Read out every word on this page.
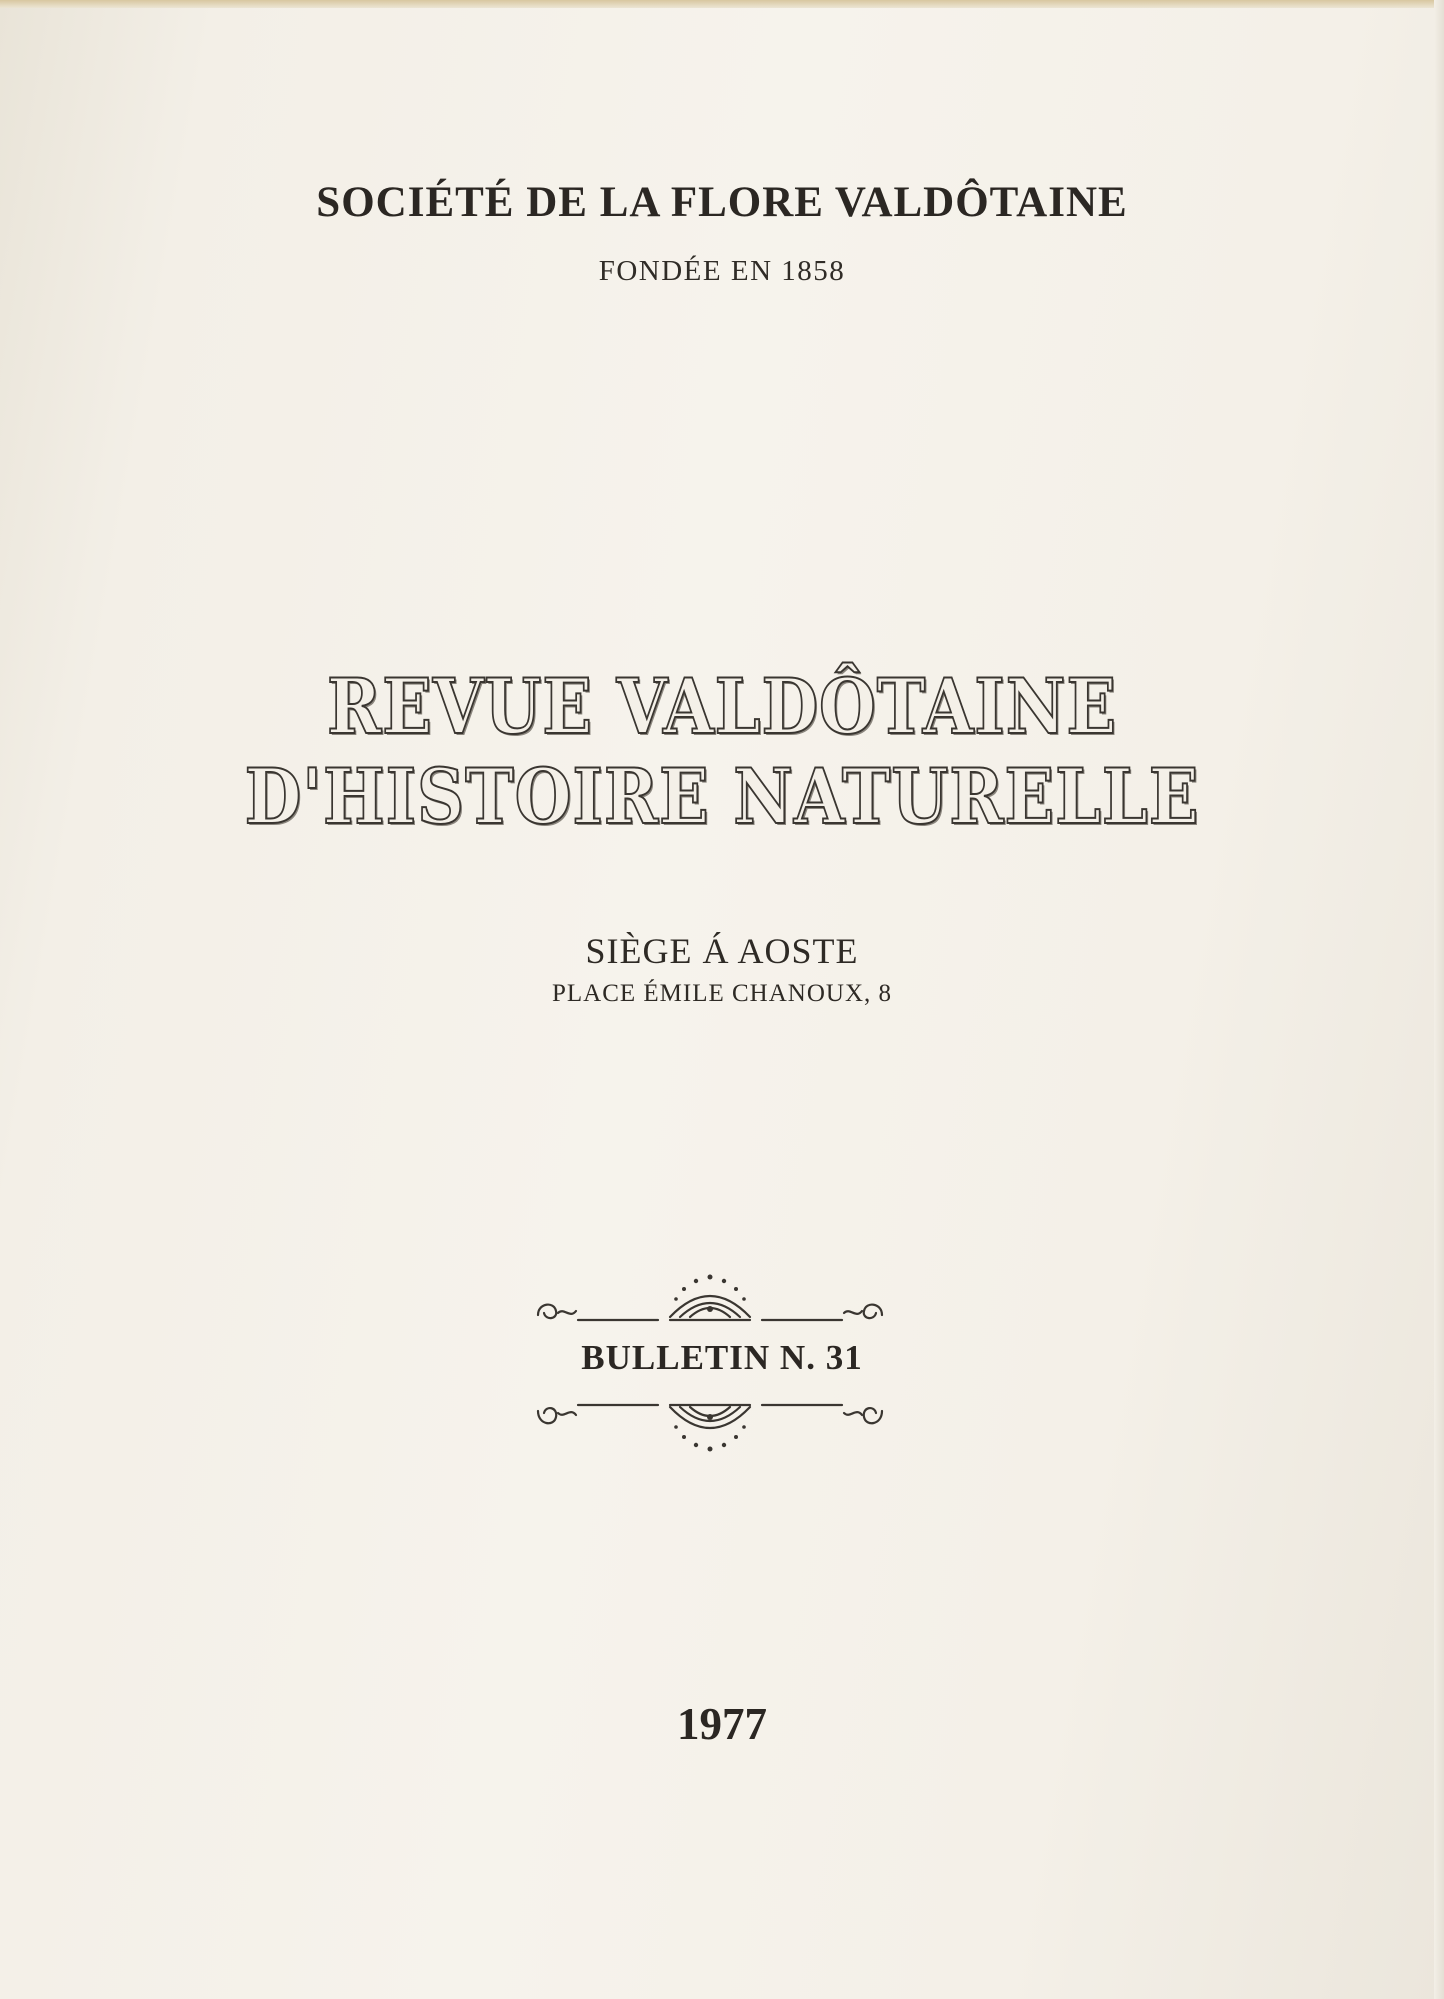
SOCIÉTÉ DE LA FLORE VALDÔTAINE
FONDÉE EN 1858
REVUE VALDÔTAINE
D'HISTOIRE NATURELLE
SIÈGE Á AOSTE
PLACE ÉMILE CHANOUX, 8
BULLETIN N. 31
1977
